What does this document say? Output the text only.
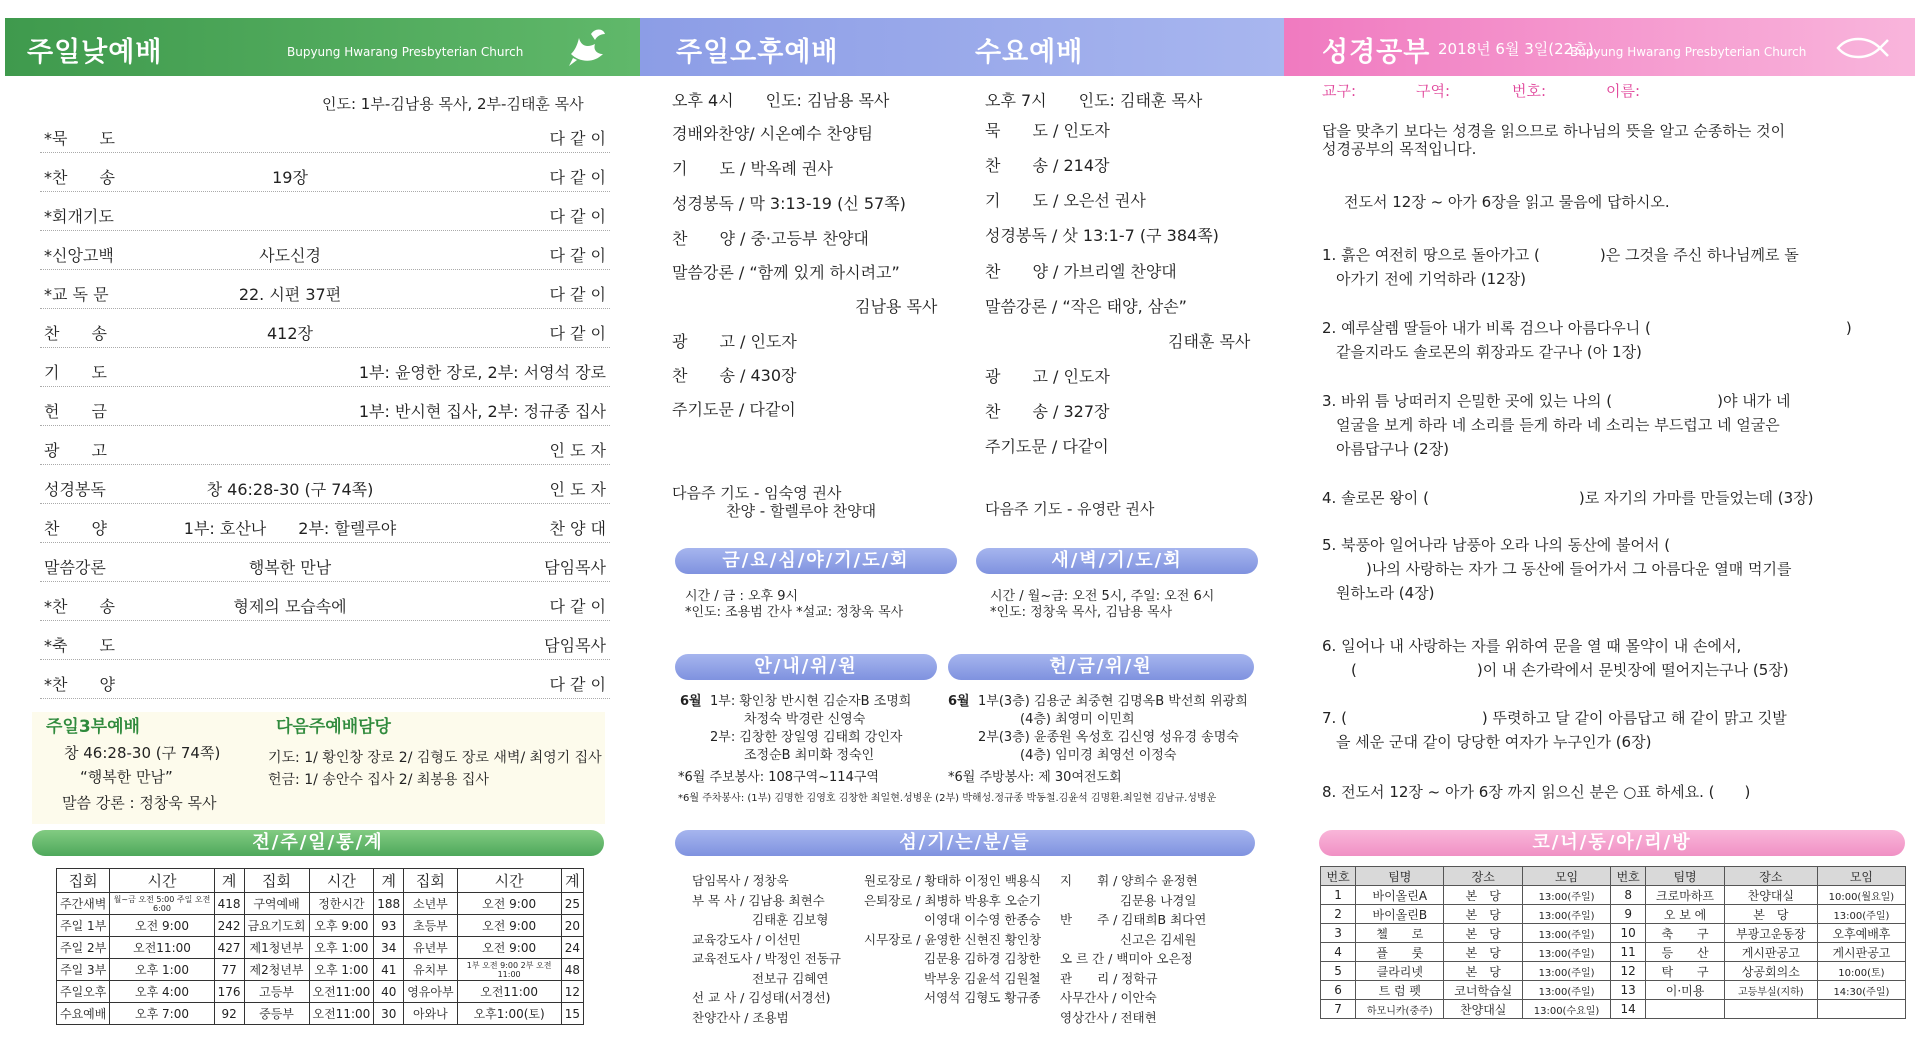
주일낮예배	Bupyung Hwarang Presbyterian Church
인도: 1부-김남용 목사, 2부-김태훈 목사
*묵　　도	다 같 이
*찬　　송	19장	다 같 이
*회개기도	다 같 이
*신앙고백	사도신경	다 같 이
*교 독 문	22. 시편 37편	다 같 이
찬　　송	412장	다 같 이
기　　도	1부: 윤영한 장로, 2부: 서영석 장로
헌　　금	1부: 반시현 집사, 2부: 정규종 집사
광　　고	인 도 자
성경봉독	창 46:28-30 (구 74쪽)	인 도 자
찬　　양	1부: 호산나　　2부: 할렐루야	찬 양 대
말씀강론	행복한 만남	담임목사
*찬　　송	형제의 모습속에	다 같 이
*축　　도	담임목사
*찬　　양	다 같 이
주일3부예배
창 46:28-30 (구 74쪽)
“행복한 만남”
말씀 강론 : 정창욱 목사
다음주예배담당
기도: 1/ 황인창 장로 2/ 김형도 장로 새벽/ 최영기 집사
헌금: 1/ 송안수 집사 2/ 최봉용 집사
전/주/일/통/계
집회	시간	계	집회	시간	계	집회	시간	계
주간새벽	월~금 오전 5:00 주일 오전 6:00	418	구역예배	정한시간	188	소년부	오전 9:00	25
주일 1부	오전 9:00	242	금요기도회	오후 9:00	93	초등부	오전 9:00	20
주일 2부	오전11:00	427	제1청년부	오후 1:00	34	유년부	오전 9:00	24
주일 3부	오후 1:00	77	제2청년부	오후 1:00	41	유치부	1부 오전 9:00 2부 오전 11:00	48
주일오후	오후 4:00	176	고등부	오전11:00	40	영유아부	오전11:00	12
수요예배	오후 7:00	92	중등부	오전11:00	30	아와나	오후1:00(토)	15
주일오후예배	수요예배
오후 4시　　인도: 김남용 목사
경배와찬양/ 시온예수 찬양팀
기　　도 / 박옥례 권사
성경봉독 / 막 3:13-19 (신 57쪽)
찬　　양 / 중·고등부 찬양대
말씀강론 / “함께 있게 하시려고”
김남용 목사
광　　고 / 인도자
찬　　송 / 430장
주기도문 / 다같이
오후 7시　　인도: 김태훈 목사
묵　　도 / 인도자
찬　　송 / 214장
기　　도 / 오은선 권사
성경봉독 / 삿 13:1-7 (구 384쪽)
찬　　양 / 가브리엘 찬양대
말씀강론 / “작은 태양, 삼손”
김태훈 목사
광　　고 / 인도자
찬　　송 / 327장
주기도문 / 다같이
다음주 기도 - 임숙영 권사
찬양 - 할렐루야 찬양대	다음주 기도 - 유영란 권사
금/요/심/야/기/도/회
시간 / 금 : 오후 9시
*인도: 조용범 간사 *설교: 정창욱 목사
새/벽/기/도/회
시간 / 월~금: 오전 5시, 주일: 오전 6시
*인도: 정창욱 목사, 김남용 목사
안/내/위/원
6월 1부: 황인창 반시현 김순자B 조명희
차정숙 박경란 신영숙
2부: 김창한 장일영 김태희 강인자
조정순B 최미화 정숙인
*6월 주보봉사: 108구역~114구역
*6월 주차봉사: (1부) 김명한 김영호 김창한 최일현.성병운 (2부) 박해성.정규종 박동철.김윤석 김명환.최일현 김남규.성병운
헌/금/위/원
6월 1부(3층) 김용군 최중현 김명옥B 박선희 위광희
(4층) 최영미 이민희
2부(3층) 윤종원 옥성호 김신영 성유경 송명숙
(4층) 임미경 최영선 이정숙
*6월 주방봉사: 제 30여전도회
섬/기/는/분/들
담임목사 / 정창욱
부 목 사 / 김남용 최현수
김태훈 김보형
교육강도사 / 이선민
교육전도사 / 박정인 전동규
전보규 김혜연
선 교 사 / 김성태(서경선)
찬양간사 / 조용범
원로장로 / 황태하 이정인 백용식
은퇴장로 / 최병하 박용후 오순기
이영대 이수영 한종승
시무장로 / 윤영한 신현진 황인창
김문용 김하경 김창한
박부웅 김윤석 김원철
서영석 김형도 황규종
지　　휘 / 양희수 윤정현
김문용 나경일
반　　주 / 김태희B 최다연
신고은 김세원
오 르 간 / 백미아 오은정
관　　리 / 정학규
사무간사 / 이안숙
영상간사 / 전태현
성경공부 2018년 6월 3일(22호)
Bupyung Hwarang Presbyterian Church
교구:	구역:	번호:	이름:
답을 맞추기 보다는 성경을 읽으므로 하나님의 뜻을 알고 순종하는 것이
성경공부의 목적입니다.
전도서 12장 ~ 아가 6장을 읽고 물음에 답하시오.
1. 흙은 여전히 땅으로 돌아가고 (　　　　)은 그것을 주신 하나님께로 돌
아가기 전에 기억하라 (12장)
2. 예루살렘 딸들아 내가 비록 검으나 아름다우니 (　　　　　　　　　　　　　)
같을지라도 솔로몬의 휘장과도 같구나 (아 1장)
3. 바위 틈 낭떠러지 은밀한 곳에 있는 나의 (　　　　　　　)야 내가 네
얼굴을 보게 하라 네 소리를 듣게 하라 네 소리는 부드럽고 네 얼굴은
아름답구나 (2장)
4. 솔로몬 왕이 (　　　　　　　　　　)로 자기의 가마를 만들었는데 (3장)
5. 북풍아 일어나라 남풍아 오라 나의 동산에 불어서 (
　　)나의 사랑하는 자가 그 동산에 들어가서 그 아름다운 열매 먹기를
원하노라 (4장)
6. 일어나 내 사랑하는 자를 위하여 문을 열 때 몰약이 내 손에서,
　(　　　　　　　　)이 내 손가락에서 문빗장에 떨어지는구나 (5장)
7. (　　　　　　　　　) 뚜렷하고 달 같이 아름답고 해 같이 맑고 깃발
을 세운 군대 같이 당당한 여자가 누구인가 (6장)
8. 전도서 12장 ~ 아가 6장 까지 읽으신 분은 ○표 하세요. (　　)
코/너/동/아/리/방
번호	팀명	장소	모임	번호	팀명	장소	모임
1	바이올린A	본　당	13:00(주일)	8	크로마하프	찬양대실	10:00(월요일)
2	바이올린B	본　당	13:00(주일)	9	오 보 에	본　당	13:00(주일)
3	첼　　로	본　당	13:00(주일)	10	축　　구	부광고운동장	오후예배후
4	플　　룻	본　당	13:00(주일)	11	등　　산	게시판공고	게시판공고
5	클라리넷	본　당	13:00(주일)	12	탁　　구	상공회의소	10:00(토)
6	트 럼 펫	코너학습실	13:00(주일)	13	이·미용	고등부실(지하)	14:30(주일)
7	하모니카(중주)	찬양대실	13:00(수요일)	14			
